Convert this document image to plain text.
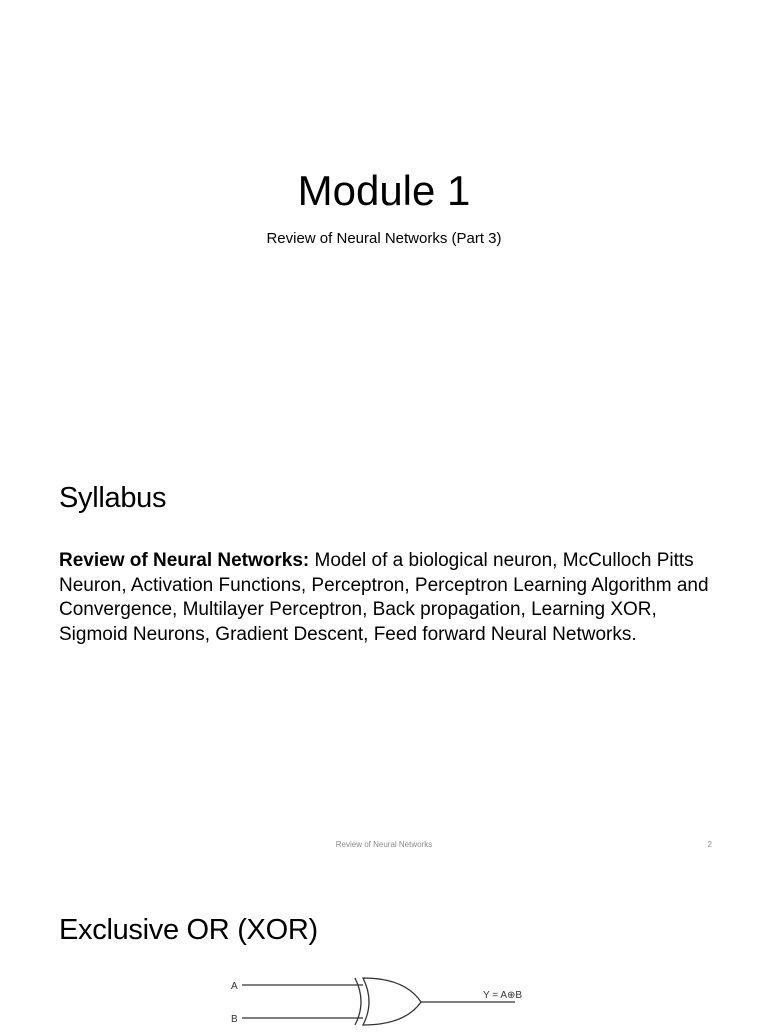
Module 1
Review of Neural Networks (Part 3)
Syllabus
Review of Neural Networks: Model of a biological neuron, McCulloch Pitts Neuron, Activation Functions, Perceptron, Perceptron Learning Algorithm and Convergence, Multilayer Perceptron, Back propagation, Learning XOR, Sigmoid Neurons, Gradient Descent, Feed forward Neural Networks.
Review of Neural Networks	2
Exclusive OR (XOR)
A
B
Y = A⊕B
